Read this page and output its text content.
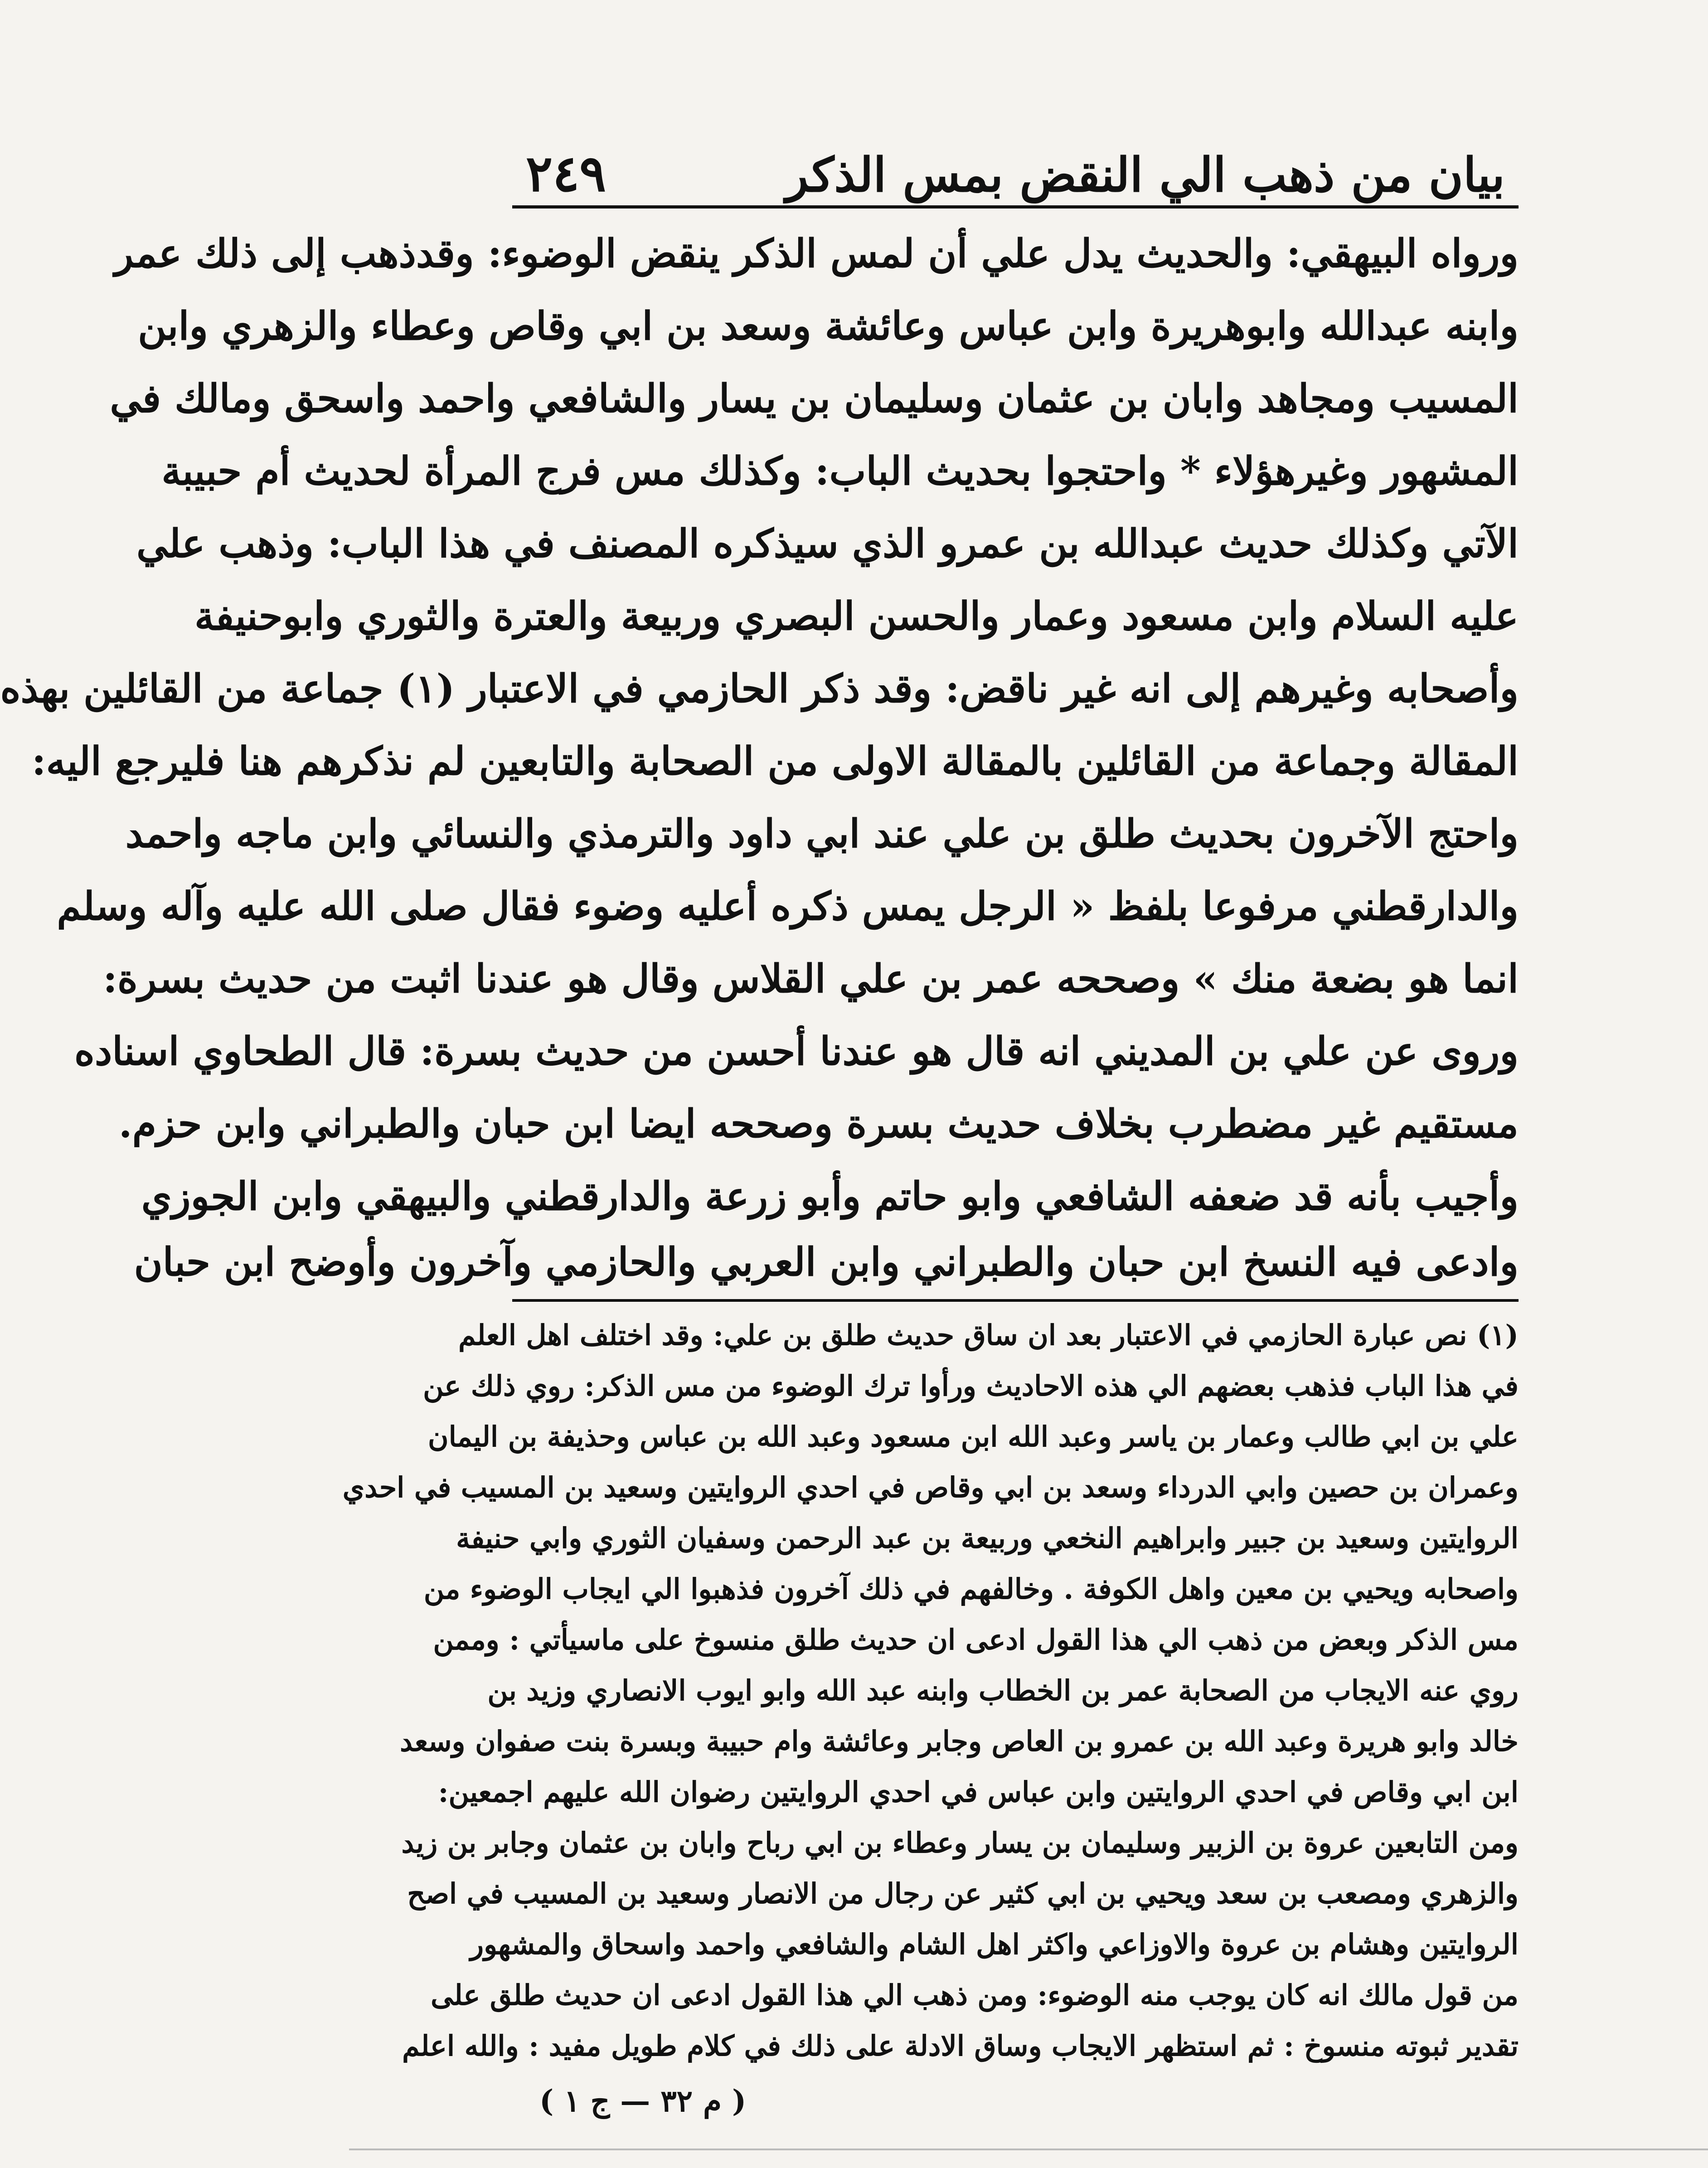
بيان من ذهب الي النقض بمس الذكر
٢٤٩
ورواه البيهقي: والحديث يدل علي أن لمس الذكر ينقض الوضوء: وقدذهب إلى ذلك عمر
وابنه عبدالله وابوهريرة وابن عباس وعائشة وسعد بن ابي وقاص وعطاء والزهري وابن
المسيب ومجاهد وابان بن عثمان وسليمان بن يسار والشافعي واحمد واسحق ومالك في
المشهور وغيرهؤلاء * واحتجوا بحديث الباب: وكذلك مس فرج المرأة لحديث أم حبيبة
الآتي وكذلك حديث عبدالله بن عمرو الذي سيذكره المصنف في هذا الباب: وذهب علي
عليه السلام وابن مسعود وعمار والحسن البصري وربيعة والعترة والثوري وابوحنيفة
وأصحابه وغيرهم إلى انه غير ناقض: وقد ذكر الحازمي في الاعتبار (١) جماعة من القائلين بهذه
المقالة وجماعة من القائلين بالمقالة الاولى من الصحابة والتابعين لم نذكرهم هنا فليرجع اليه:
واحتج الآخرون بحديث طلق بن علي عند ابي داود والترمذي والنسائي وابن ماجه واحمد
والدارقطني مرفوعا بلفظ « الرجل يمس ذكره أعليه وضوء فقال صلى الله عليه وآله وسلم
انما هو بضعة منك » وصححه عمر بن علي القلاس وقال هو عندنا اثبت من حديث بسرة:
وروى عن علي بن المديني انه قال هو عندنا أحسن من حديث بسرة: قال الطحاوي اسناده
مستقيم غير مضطرب بخلاف حديث بسرة وصححه ايضا ابن حبان والطبراني وابن حزم.
وأجيب بأنه قد ضعفه الشافعي وابو حاتم وأبو زرعة والدارقطني والبيهقي وابن الجوزي
وادعى فيه النسخ ابن حبان والطبراني وابن العربي والحازمي وآخرون وأوضح ابن حبان
(١) نص عبارة الحازمي في الاعتبار بعد ان ساق حديث طلق بن علي: وقد اختلف اهل العلم
في هذا الباب فذهب بعضهم الي هذه الاحاديث ورأوا ترك الوضوء من مس الذكر: روي ذلك عن
علي بن ابي طالب وعمار بن ياسر وعبد الله ابن مسعود وعبد الله بن عباس وحذيفة بن اليمان
وعمران بن حصين وابي الدرداء وسعد بن ابي وقاص في احدي الروايتين وسعيد بن المسيب في احدي
الروايتين وسعيد بن جبير وابراهيم النخعي وربيعة بن عبد الرحمن وسفيان الثوري وابي حنيفة
واصحابه ويحيي بن معين واهل الكوفة . وخالفهم في ذلك آخرون فذهبوا الي ايجاب الوضوء من
مس الذكر وبعض من ذهب الي هذا القول ادعى ان حديث طلق منسوخ على ماسيأتي : وممن
روي عنه الايجاب من الصحابة عمر بن الخطاب وابنه عبد الله وابو ايوب الانصاري وزيد بن
خالد وابو هريرة وعبد الله بن عمرو بن العاص وجابر وعائشة وام حبيبة وبسرة بنت صفوان وسعد
ابن ابي وقاص في احدي الروايتين وابن عباس في احدي الروايتين رضوان الله عليهم اجمعين:
ومن التابعين عروة بن الزبير وسليمان بن يسار وعطاء بن ابي رباح وابان بن عثمان وجابر بن زيد
والزهري ومصعب بن سعد ويحيي بن ابي كثير عن رجال من الانصار وسعيد بن المسيب في اصح
الروايتين وهشام بن عروة والاوزاعي واكثر اهل الشام والشافعي واحمد واسحاق والمشهور
من قول مالك انه كان يوجب منه الوضوء: ومن ذهب الي هذا القول ادعى ان حديث طلق على
تقدير ثبوته منسوخ : ثم استظهر الايجاب وساق الادلة على ذلك في كلام طويل مفيد : والله اعلم
( م ٣٢ — ج ١ )
